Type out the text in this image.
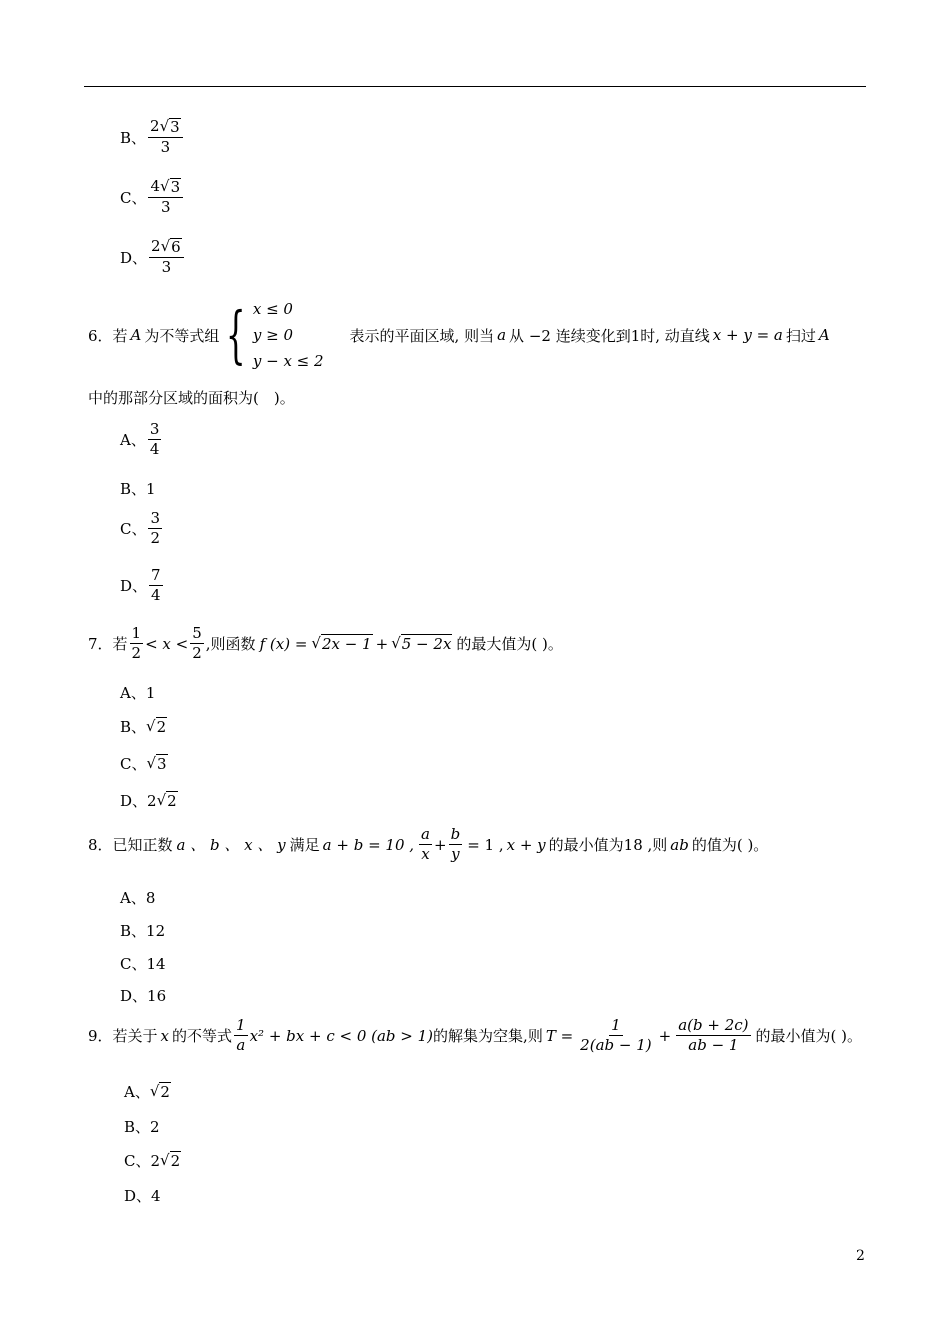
B、 $\frac{2 √ 3}{3}$
C、 $\frac{4 √ 3}{3}$
D、 $\frac{2 √ 6}{3}$
6．若 A 为不等式组 { x ≤ 0
y ≥ 0
y − x ≤ 2
表示的平面区域, 则当 a 从 −2 连续变化到1时, 动直线 x + y = a 扫过 A
中的那部分区域的面积为(　)。
A、 $\frac{3}{4}$
B、 1
C、 $\frac{3}{2}$
D、 $\frac{7}{4}$
7．若 $\frac{1}{2} < x < \frac{5}{2}$ ,则函数 f (x) = √ 2x − 1 + √ 5 − 2x 的最大值为( )。
A、 1
B、 √ 2
C、 √ 3
D、 2 √ 2
8．已知正数 a 、 b 、 x 、 y 满足 a + b = 10 , $\frac{a}{x} + \frac{b}{y} = 1$ , x + y 的最小值为18 ,则 ab 的值为( )。
A、 8
B、 12
C、 14
D、 16
9．若关于 x 的不等式 $\frac{1}{a} x^2$ + bx + c < 0 (ab > 1) 的解集为空集,则 $T = \frac{1}{2(ab - 1)} + \frac{a(b + 2c)}{ab - 1}$ 的最小值为( )。
A、 √ 2
B、 2
C、 2 √ 2
D、 4
2
